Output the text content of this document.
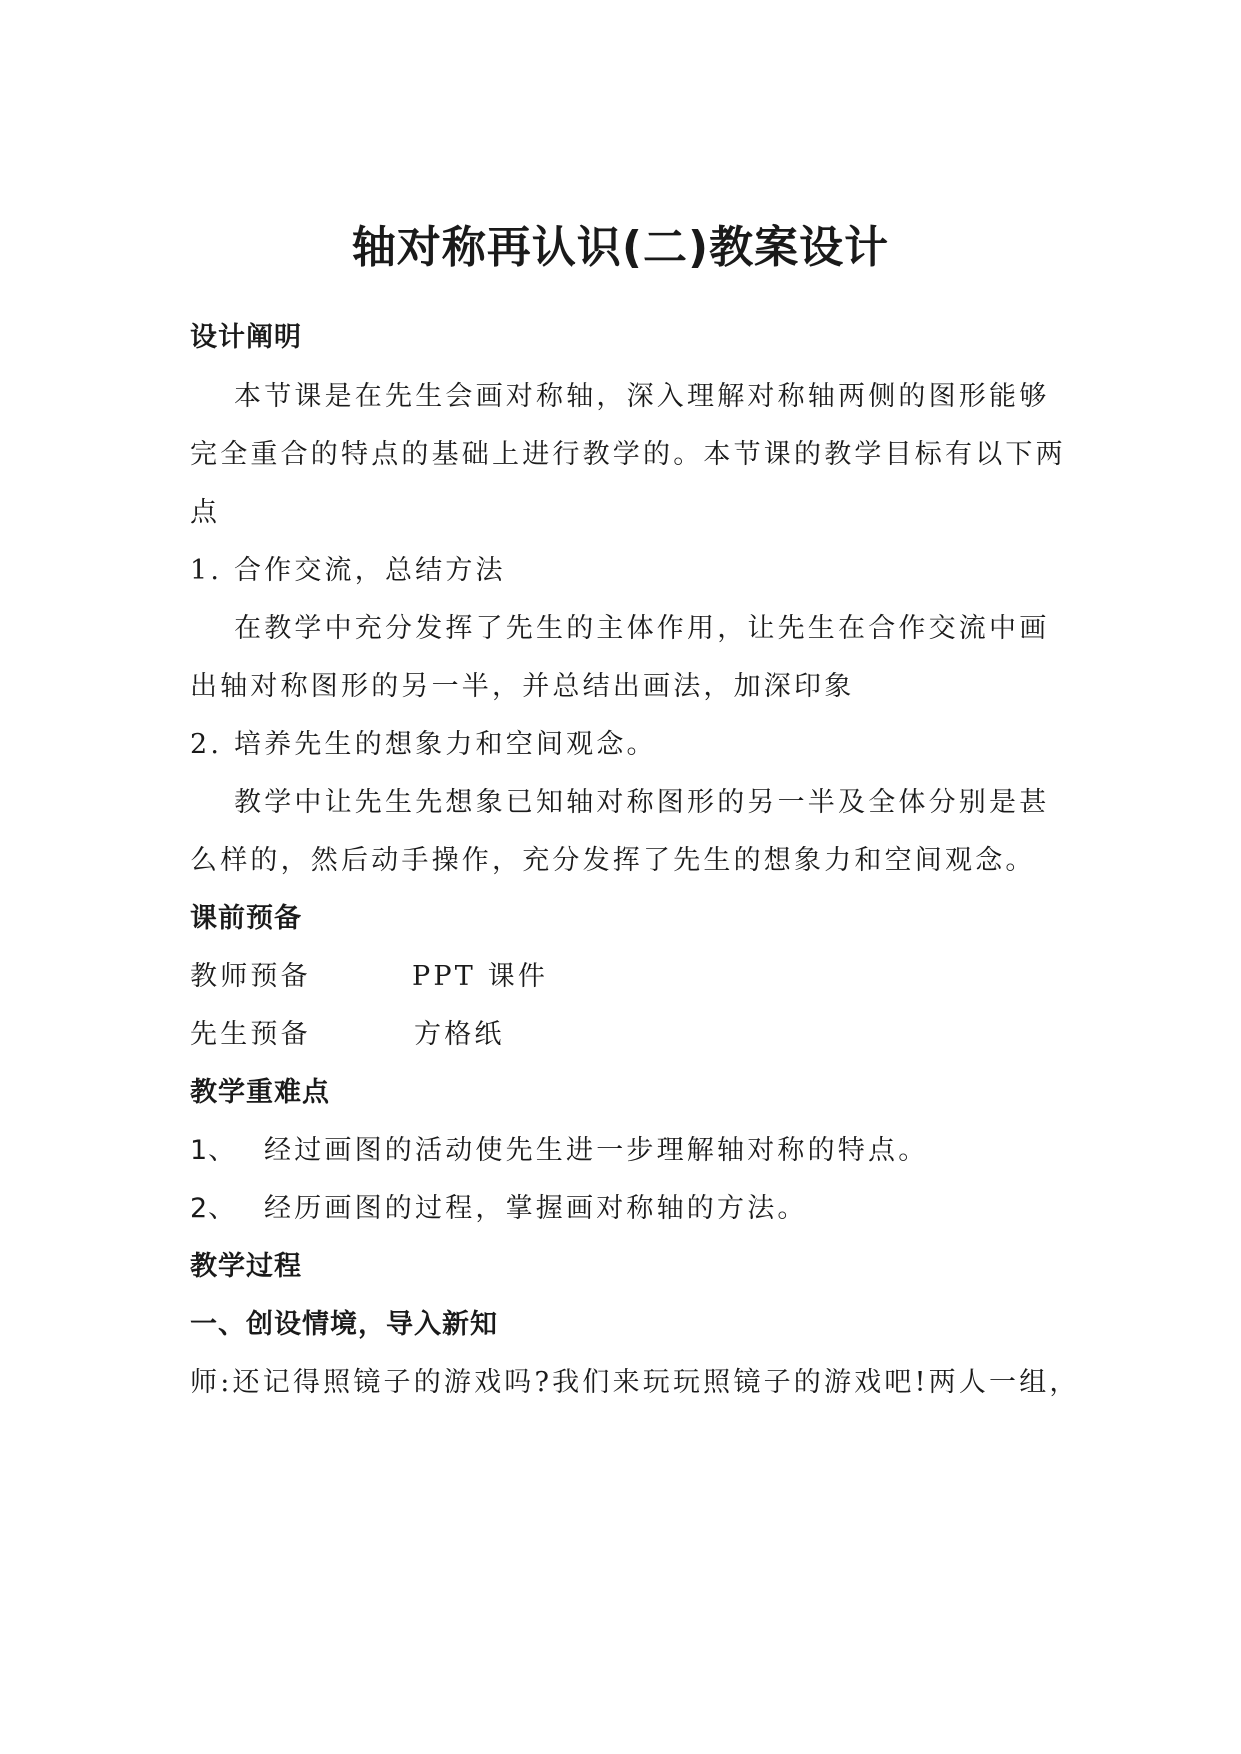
轴对称再认识(二)教案设计
设计阐明
本节课是在先生会画对称轴，深入理解对称轴两侧的图形能够
完全重合的特点的基础上进行教学的。本节课的教学目标有以下两
点
1. 合作交流，总结方法
在教学中充分发挥了先生的主体作用，让先生在合作交流中画
出轴对称图形的另一半，并总结出画法，加深印象
2. 培养先生的想象力和空间观念。
教学中让先生先想象已知轴对称图形的另一半及全体分别是甚
么样的，然后动手操作，充分发挥了先生的想象力和空间观念。
课前预备
教师预备	PPT 课件
先生预备	方格纸
教学重难点
1、 经过画图的活动使先生进一步理解轴对称的特点。
2、 经历画图的过程，掌握画对称轴的方法。
教学过程
一、创设情境，导入新知
师:还记得照镜子的游戏吗?我们来玩玩照镜子的游戏吧!两人一组，
